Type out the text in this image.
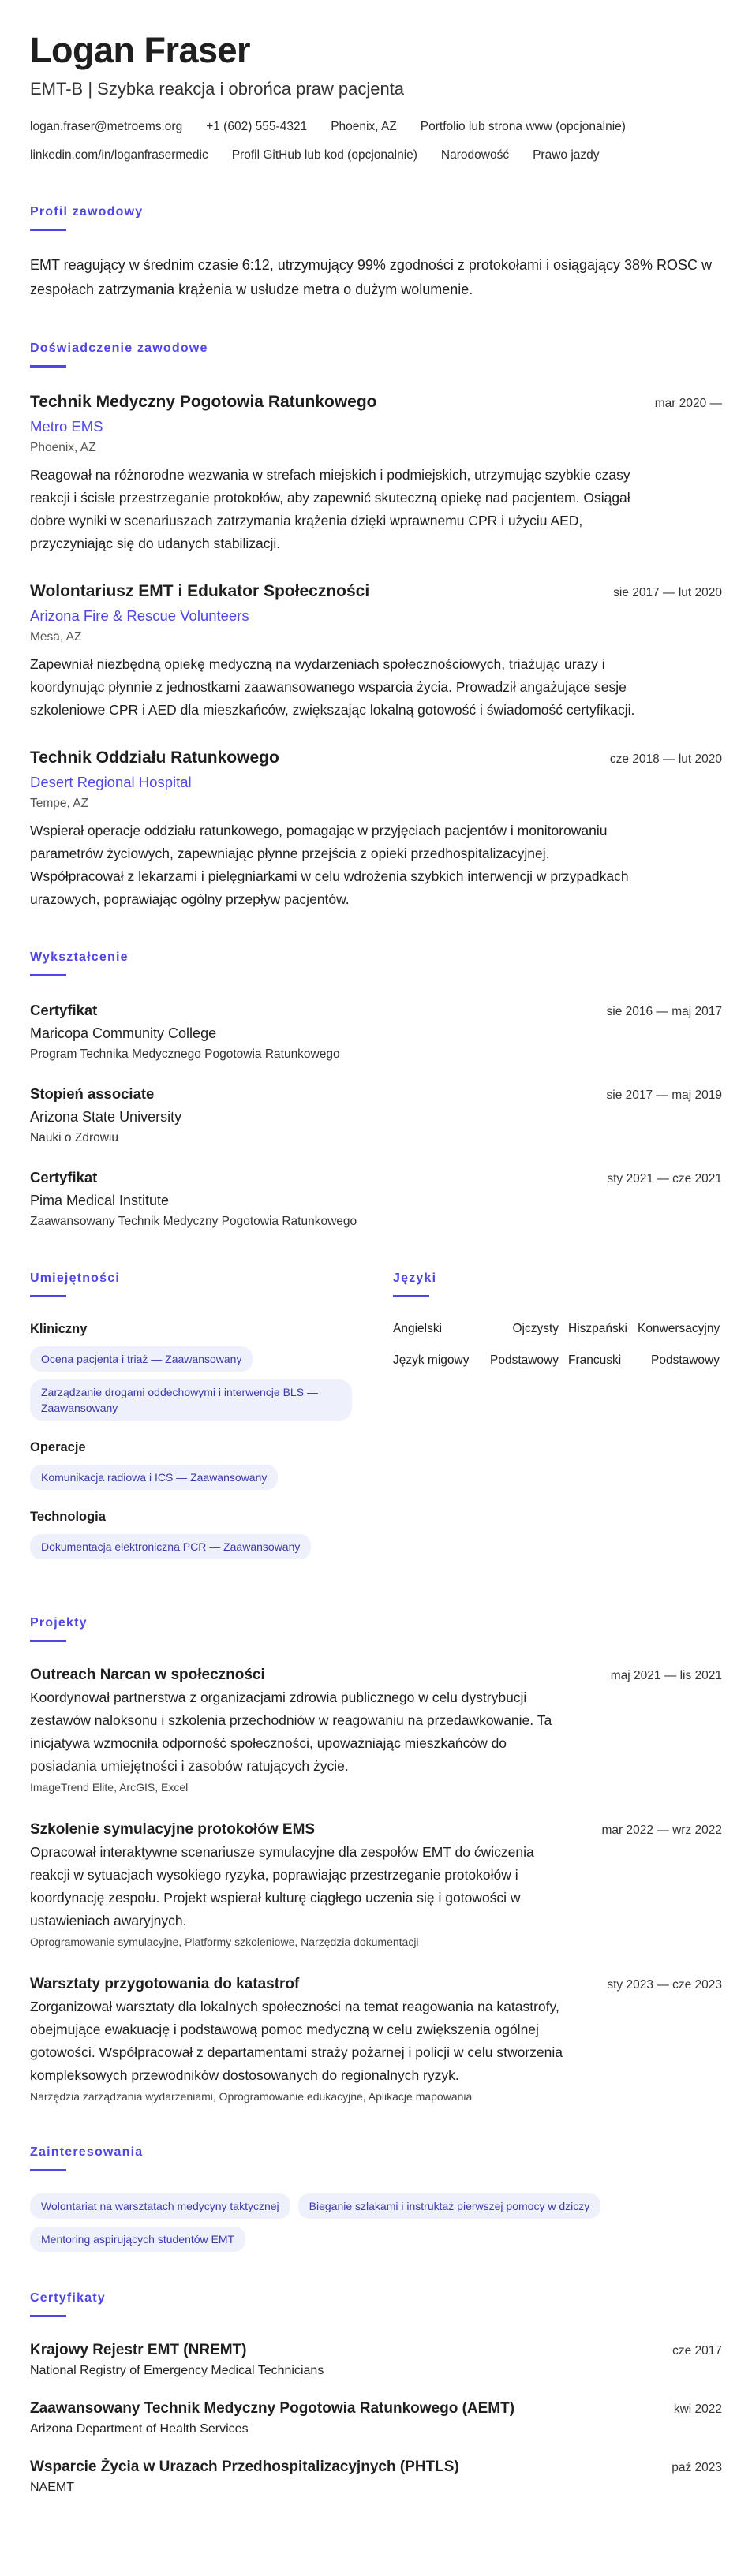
Logan Fraser
EMT-B | Szybka reakcja i obrońca praw pacjenta
logan.fraser@metroems.org +1 (602) 555-4321 Phoenix, AZ Portfolio lub strona www (opcjonalnie)
linkedin.com/in/loganfrasermedic Profil GitHub lub kod (opcjonalnie) Narodowość Prawo jazdy
Profil zawodowy
EMT reagujący w średnim czasie 6:12, utrzymujący 99% zgodności z protokołami i osiągający 38% ROSC w zespołach zatrzymania krążenia w usłudze metra o dużym wolumenie.
Doświadczenie zawodowe
Technik Medyczny Pogotowia Ratunkowego	mar 2020 —
Metro EMS
Phoenix, AZ
Reagował na różnorodne wezwania w strefach miejskich i podmiejskich, utrzymując szybkie czasy reakcji i ścisłe przestrzeganie protokołów, aby zapewnić skuteczną opiekę nad pacjentem. Osiągał dobre wyniki w scenariuszach zatrzymania krążenia dzięki wprawnemu CPR i użyciu AED, przyczyniając się do udanych stabilizacji.
Wolontariusz EMT i Edukator Społeczności	sie 2017 — lut 2020
Arizona Fire & Rescue Volunteers
Mesa, AZ
Zapewniał niezbędną opiekę medyczną na wydarzeniach społecznościowych, triażując urazy i koordynując płynnie z jednostkami zaawansowanego wsparcia życia. Prowadził angażujące sesje szkoleniowe CPR i AED dla mieszkańców, zwiększając lokalną gotowość i świadomość certyfikacji.
Technik Oddziału Ratunkowego	cze 2018 — lut 2020
Desert Regional Hospital
Tempe, AZ
Wspierał operacje oddziału ratunkowego, pomagając w przyjęciach pacjentów i monitorowaniu parametrów życiowych, zapewniając płynne przejścia z opieki przedhospitalizacyjnej. Współpracował z lekarzami i pielęgniarkami w celu wdrożenia szybkich interwencji w przypadkach urazowych, poprawiając ogólny przepływ pacjentów.
Wykształcenie
Certyfikat	sie 2016 — maj 2017
Maricopa Community College
Program Technika Medycznego Pogotowia Ratunkowego
Stopień associate	sie 2017 — maj 2019
Arizona State University
Nauki o Zdrowiu
Certyfikat	sty 2021 — cze 2021
Pima Medical Institute
Zaawansowany Technik Medyczny Pogotowia Ratunkowego
Umiejętności
Kliniczny
Ocena pacjenta i triaż — Zaawansowany
Zarządzanie drogami oddechowymi i interwencje BLS — Zaawansowany
Operacje
Komunikacja radiowa i ICS — Zaawansowany
Technologia
Dokumentacja elektroniczna PCR — Zaawansowany
Języki
Angielski	Ojczysty Hiszpański Konwersacyjny
Język migowy	Podstawowy Francuski	Podstawowy
Projekty
Outreach Narcan w społeczności	maj 2021 — lis 2021
Koordynował partnerstwa z organizacjami zdrowia publicznego w celu dystrybucji zestawów naloksonu i szkolenia przechodniów w reagowaniu na przedawkowanie. Ta inicjatywa wzmocniła odporność społeczności, upoważniając mieszkańców do posiadania umiejętności i zasobów ratujących życie.
ImageTrend Elite, ArcGIS, Excel
Szkolenie symulacyjne protokołów EMS	mar 2022 — wrz 2022
Opracował interaktywne scenariusze symulacyjne dla zespołów EMT do ćwiczenia reakcji w sytuacjach wysokiego ryzyka, poprawiając przestrzeganie protokołów i koordynację zespołu. Projekt wspierał kulturę ciągłego uczenia się i gotowości w ustawieniach awaryjnych.
Oprogramowanie symulacyjne, Platformy szkoleniowe, Narzędzia dokumentacji
Warsztaty przygotowania do katastrof	sty 2023 — cze 2023
Zorganizował warsztaty dla lokalnych społeczności na temat reagowania na katastrofy, obejmujące ewakuację i podstawową pomoc medyczną w celu zwiększenia ogólnej gotowości. Współpracował z departamentami straży pożarnej i policji w celu stworzenia kompleksowych przewodników dostosowanych do regionalnych ryzyk.
Narzędzia zarządzania wydarzeniami, Oprogramowanie edukacyjne, Aplikacje mapowania
Zainteresowania
Wolontariat na warsztatach medycyny taktycznej	Bieganie szlakami i instruktaż pierwszej pomocy w dziczy
Mentoring aspirujących studentów EMT
Certyfikaty
Krajowy Rejestr EMT (NREMT)	cze 2017
National Registry of Emergency Medical Technicians
Zaawansowany Technik Medyczny Pogotowia Ratunkowego (AEMT)	kwi 2022
Arizona Department of Health Services
Wsparcie Życia w Urazach Przedhospitalizacyjnych (PHTLS)	paź 2023
NAEMT
